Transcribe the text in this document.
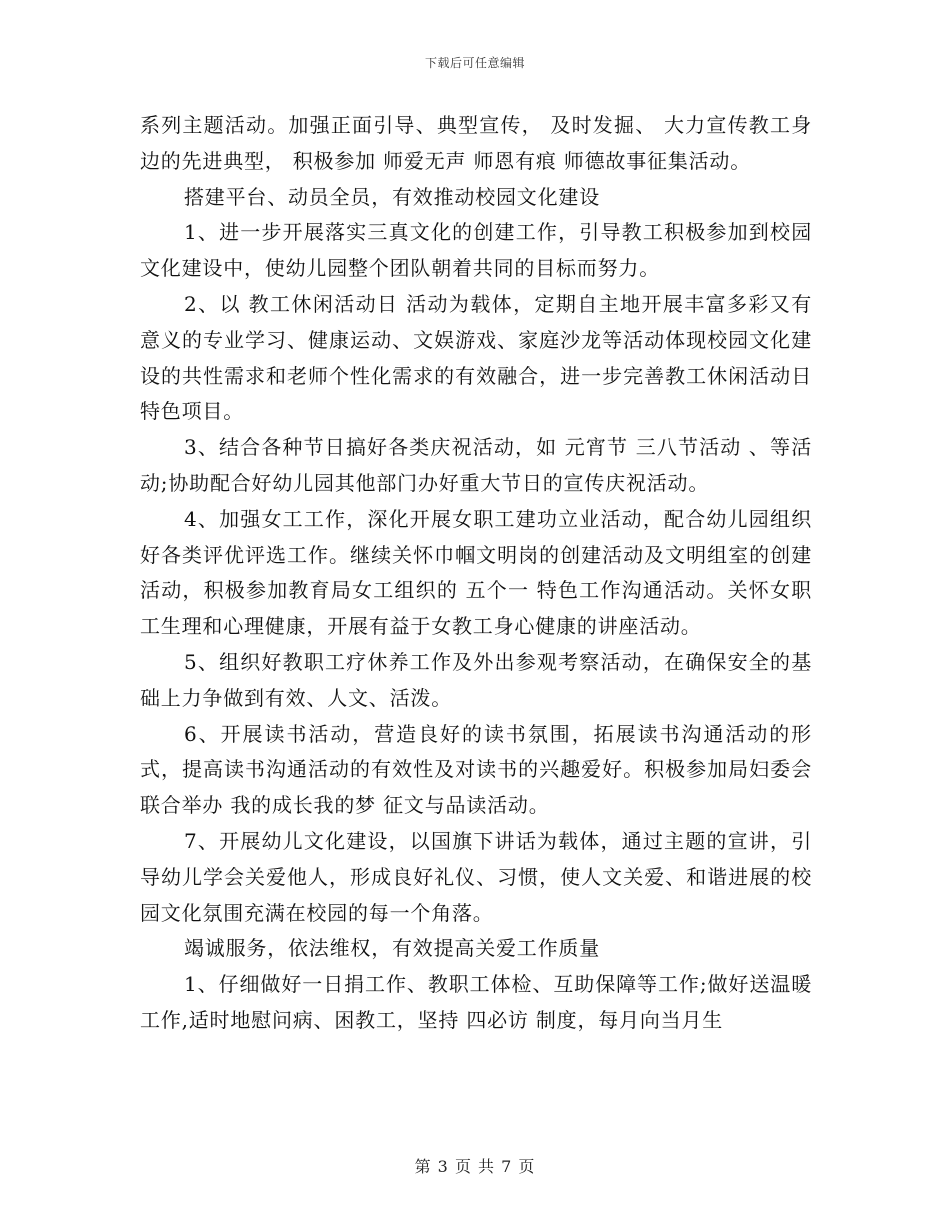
下载后可任意编辑

系列主题活动。加强正面引导、典型宣传， 及时发掘、 大力宣传教工身边的先进典型， 积极参加 师爱无声 师恩有痕 师德故事征集活动。

搭建平台、动员全员，有效推动校园文化建设

1、进一步开展落实三真文化的创建工作，引导教工积极参加到校园文化建设中，使幼儿园整个团队朝着共同的目标而努力。

2、以 教工休闲活动日 活动为载体，定期自主地开展丰富多彩又有意义的专业学习、健康运动、文娱游戏、家庭沙龙等活动体现校园文化建设的共性需求和老师个性化需求的有效融合，进一步完善教工休闲活动日特色项目。

3、结合各种节日搞好各类庆祝活动，如 元宵节 三八节活动 、等活动;协助配合好幼儿园其他部门办好重大节日的宣传庆祝活动。

4、加强女工工作，深化开展女职工建功立业活动，配合幼儿园组织好各类评优评选工作。继续关怀巾帼文明岗的创建活动及文明组室的创建活动，积极参加教育局女工组织的 五个一 特色工作沟通活动。关怀女职工生理和心理健康，开展有益于女教工身心健康的讲座活动。

5、组织好教职工疗休养工作及外出参观考察活动，在确保安全的基础上力争做到有效、人文、活泼。

6、开展读书活动，营造良好的读书氛围，拓展读书沟通活动的形式，提高读书沟通活动的有效性及对读书的兴趣爱好。积极参加局妇委会联合举办 我的成长我的梦 征文与品读活动。

7、开展幼儿文化建设，以国旗下讲话为载体，通过主题的宣讲，引导幼儿学会关爱他人，形成良好礼仪、习惯，使人文关爱、和谐进展的校园文化氛围充满在校园的每一个角落。

竭诚服务，依法维权，有效提高关爱工作质量

1、仔细做好一日捐工作、教职工体检、互助保障等工作;做好送温暖工作,适时地慰问病、困教工，坚持 四必访 制度，每月向当月生

第 3 页 共 7 页
